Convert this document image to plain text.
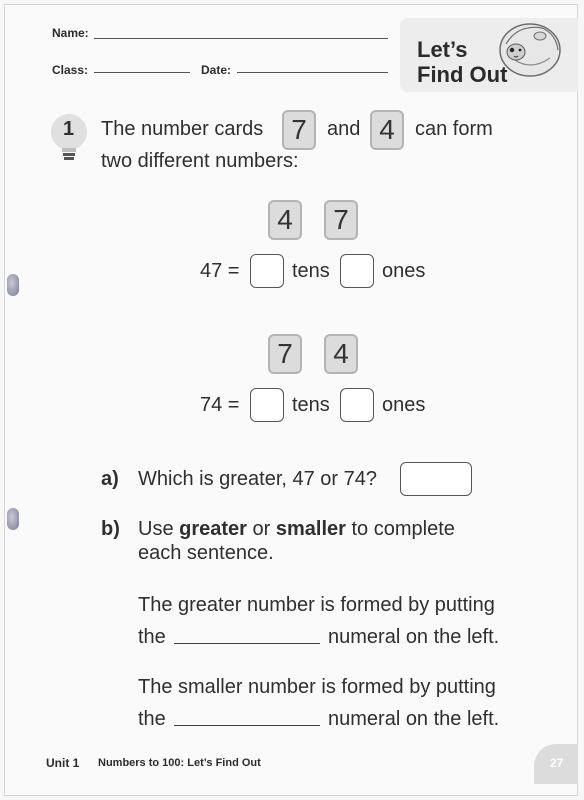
Name:
Class:	Date:
Let’s
Find Out
1 The number cards 7	and 4	can form
two different numbers:
4	7
47 =	tens	ones
7	4
74 =	tens	ones
a) Which is greater, 47 or 74?
b) Use greater or smaller to complete
each sentence.
The greater number is formed by putting
the	numeral on the left.
The smaller number is formed by putting
the	numeral on the left.
Unit 1 Numbers to 100: Let’s Find Out	27
